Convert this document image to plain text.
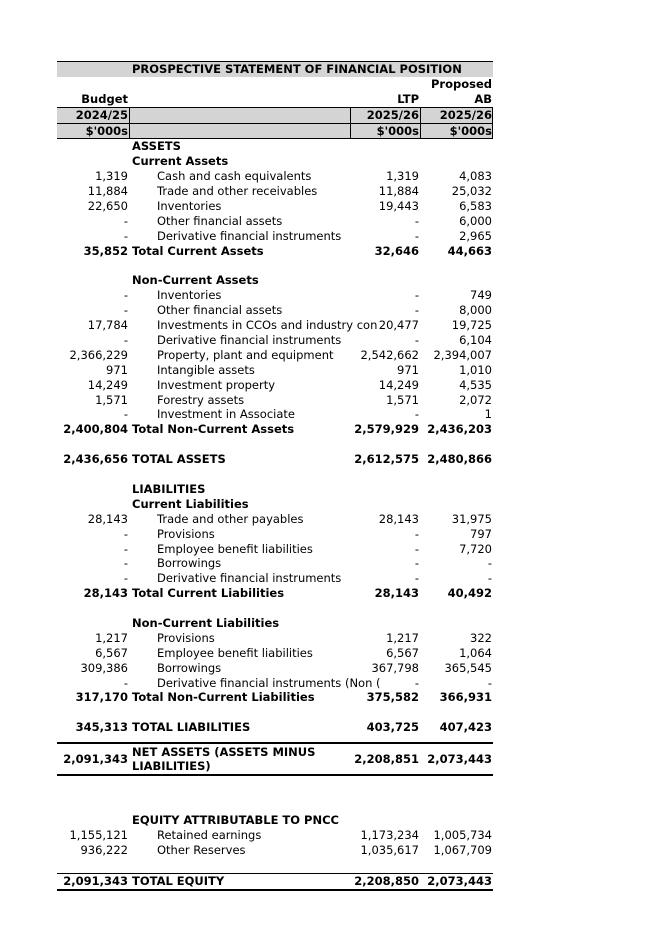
PROSPECTIVE STATEMENT OF FINANCIAL POSITION
Proposed
Budget	LTP	AB
2024/25	2025/26	2025/26
$'000s	$'000s	$'000s
ASSETS
Current Assets
1,319	Cash and cash equivalents	1,319	4,083
11,884	Trade and other receivables	11,884	25,032
22,650	Inventories	19,443	6,583
-	Other financial assets	-	6,000
-	Derivative financial instruments	-	2,965
35,852 Total Current Assets	32,646	44,663
Non-Current Assets
-	Inventories	-	749
-	Other financial assets	-	8,000
17,784	Investments in CCOs and industry con 20,477	19,725
-	Derivative financial instruments	-	6,104
2,366,229	Property, plant and equipment	2,542,662	2,394,007
971	Intangible assets	971	1,010
14,249	Investment property	14,249	4,535
1,571	Forestry assets	1,571	2,072
-	Investment in Associate	-	1
2,400,804 Total Non-Current Assets	2,579,929 2,436,203
2,436,656 TOTAL ASSETS	2,612,575 2,480,866
LIABILITIES
Current Liabilities
28,143	Trade and other payables	28,143	31,975
-	Provisions	-	797
-	Employee benefit liabilities	-	7,720
-	Borrowings	-	-
-	Derivative financial instruments	-	-
28,143 Total Current Liabilities	28,143	40,492
Non-Current Liabilities
1,217	Provisions	1,217	322
6,567	Employee benefit liabilities	6,567	1,064
309,386	Borrowings	367,798	365,545
-	Derivative financial instruments (Non (	-	-
317,170 Total Non-Current Liabilities	375,582	366,931
345,313 TOTAL LIABILITIES	403,725	407,423
2,091,343 NET ASSETS (ASSETS MINUS LIABILITIES)	2,208,851 2,073,443
EQUITY ATTRIBUTABLE TO PNCC
1,155,121	Retained earnings	1,173,234	1,005,734
936,222	Other Reserves	1,035,617	1,067,709
2,091,343 TOTAL EQUITY	2,208,850 2,073,443
